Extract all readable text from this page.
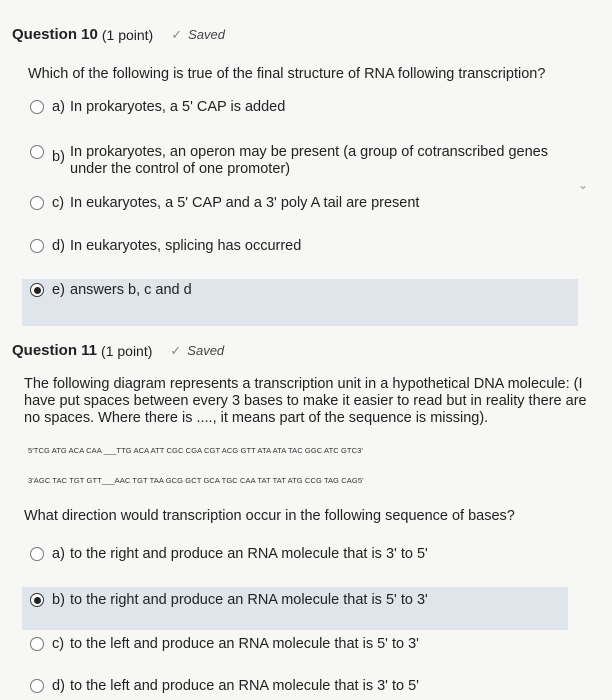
Question 10 (1 point) ✓ Saved
Which of the following is true of the final structure of RNA following transcription?
a) In prokaryotes, a 5' CAP is added
b) In prokaryotes, an operon may be present (a group of cotranscribed genes under the control of one promoter)
⌄
c) In eukaryotes, a 5' CAP and a 3' poly A tail are present
d) In eukaryotes, splicing has occurred
e) answers b, c and d
Question 11 (1 point) ✓ Saved
The following diagram represents a transcription unit in a hypothetical DNA molecule: (I have put spaces between every 3 bases to make it easier to read but in reality there are no spaces. Where there is ...., it means part of the sequence is missing).
5'TCG ATG ACA CAA ___TTG ACA ATT CGC CGA CGT ACG GTT ATA ATA TAC GGC ATC GTC3'
3'AGC TAC TGT GTT___AAC TGT TAA GCG GCT GCA TGC CAA TAT TAT ATG CCG TAG CAG5'
What direction would transcription occur in the following sequence of bases?
a) to the right and produce an RNA molecule that is 3' to 5'
b) to the right and produce an RNA molecule that is 5' to 3'
c) to the left and produce an RNA molecule that is 5' to 3'
d) to the left and produce an RNA molecule that is 3' to 5'
